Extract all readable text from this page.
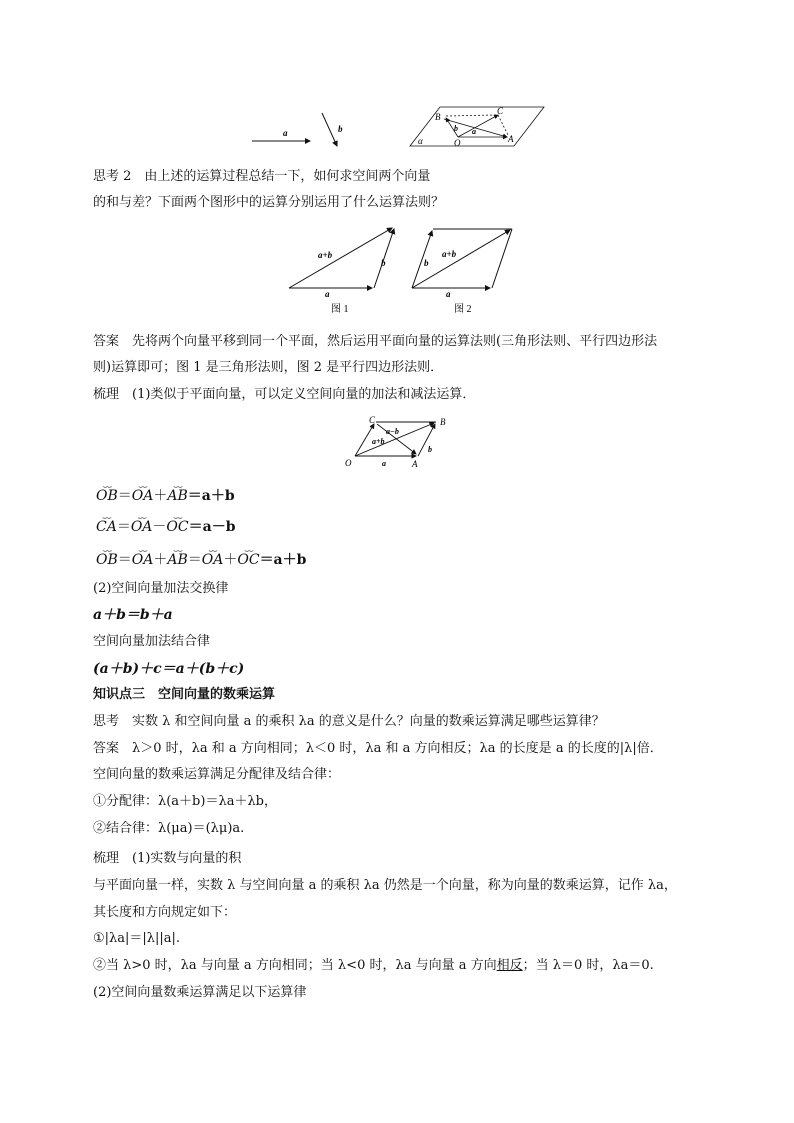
a	b
B
C
O	A
α
a
b
思考 2　由上述的运算过程总结一下，如何求空间两个向量
的和与差？下面两个图形中的运算分别运用了什么运算法则？
a+b
a
b
图 1
a+b
a
b
图 2
答案　先将两个向量平移到同一个平面，然后运用平面向量的运算法则(三角形法则、平行四边形法
则)运算即可；图 1 是三角形法则，图 2 是平行四边形法则．
梳理　(1)类似于平面向量，可以定义空间向量的加法和减法运算．
C	B
O	A
a−b
a+b
a
b
⌣⌣ OB＝⌣⌣ OA＋⌣⌣ AB＝a＋b
⌣⌣ CA＝⌣⌣ OA－⌣⌣ OC＝a－b
⌣⌣ OB＝⌣⌣ OA＋⌣⌣ AB＝⌣⌣ OA＋⌣⌣ OC＝a＋b
(2)空间向量加法交换律
a＋b＝b＋a
空间向量加法结合律
(a＋b)＋c＝a＋(b＋c)
知识点三　空间向量的数乘运算
思考　实数 λ 和空间向量 a 的乘积 λa 的意义是什么？向量的数乘运算满足哪些运算律？
答案　λ＞0 时，λa 和 a 方向相同；λ＜0 时，λa 和 a 方向相反；λa 的长度是 a 的长度的|λ|倍．
空间向量的数乘运算满足分配律及结合律：
①分配律：λ(a＋b)＝λa＋λb，
②结合律：λ(μa)＝(λμ)a.
梳理　(1)实数与向量的积
与平面向量一样，实数 λ 与空间向量 a 的乘积 λa 仍然是一个向量，称为向量的数乘运算，记作 λa，
其长度和方向规定如下：
①|λa|＝|λ||a|.
②当 λ>0 时，λa 与向量 a 方向相同；当 λ<0 时，λa 与向量 a 方向相反；当 λ＝0 时，λa＝0.
(2)空间向量数乘运算满足以下运算律
